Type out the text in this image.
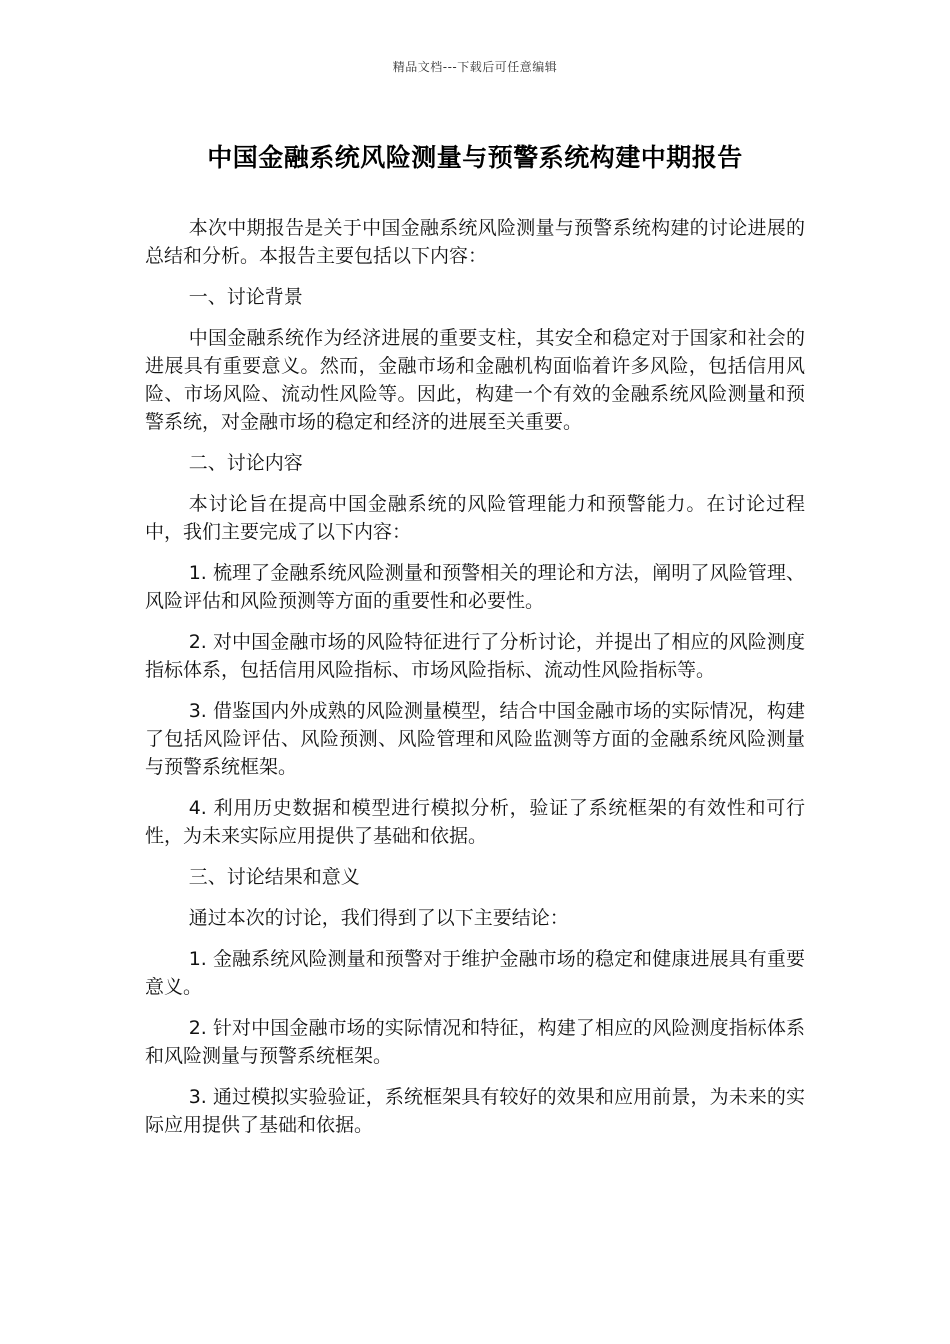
精品文档---下载后可任意编辑
中国金融系统风险测量与预警系统构建中期报告

本次中期报告是关于中国金融系统风险测量与预警系统构建的讨论进展的总结和分析。本报告主要包括以下内容：

一、讨论背景

中国金融系统作为经济进展的重要支柱，其安全和稳定对于国家和社会的进展具有重要意义。然而，金融市场和金融机构面临着许多风险，包括信用风险、市场风险、流动性风险等。因此，构建一个有效的金融系统风险测量和预警系统，对金融市场的稳定和经济的进展至关重要。

二、讨论内容

本讨论旨在提高中国金融系统的风险管理能力和预警能力。在讨论过程中，我们主要完成了以下内容：

1. 梳理了金融系统风险测量和预警相关的理论和方法，阐明了风险管理、风险评估和风险预测等方面的重要性和必要性。

2. 对中国金融市场的风险特征进行了分析讨论，并提出了相应的风险测度指标体系，包括信用风险指标、市场风险指标、流动性风险指标等。

3. 借鉴国内外成熟的风险测量模型，结合中国金融市场的实际情况，构建了包括风险评估、风险预测、风险管理和风险监测等方面的金融系统风险测量与预警系统框架。

4. 利用历史数据和模型进行模拟分析，验证了系统框架的有效性和可行性，为未来实际应用提供了基础和依据。

三、讨论结果和意义

通过本次的讨论，我们得到了以下主要结论：

1. 金融系统风险测量和预警对于维护金融市场的稳定和健康进展具有重要意义。

2. 针对中国金融市场的实际情况和特征，构建了相应的风险测度指标体系和风险测量与预警系统框架。

3. 通过模拟实验验证，系统框架具有较好的效果和应用前景，为未来的实际应用提供了基础和依据。
